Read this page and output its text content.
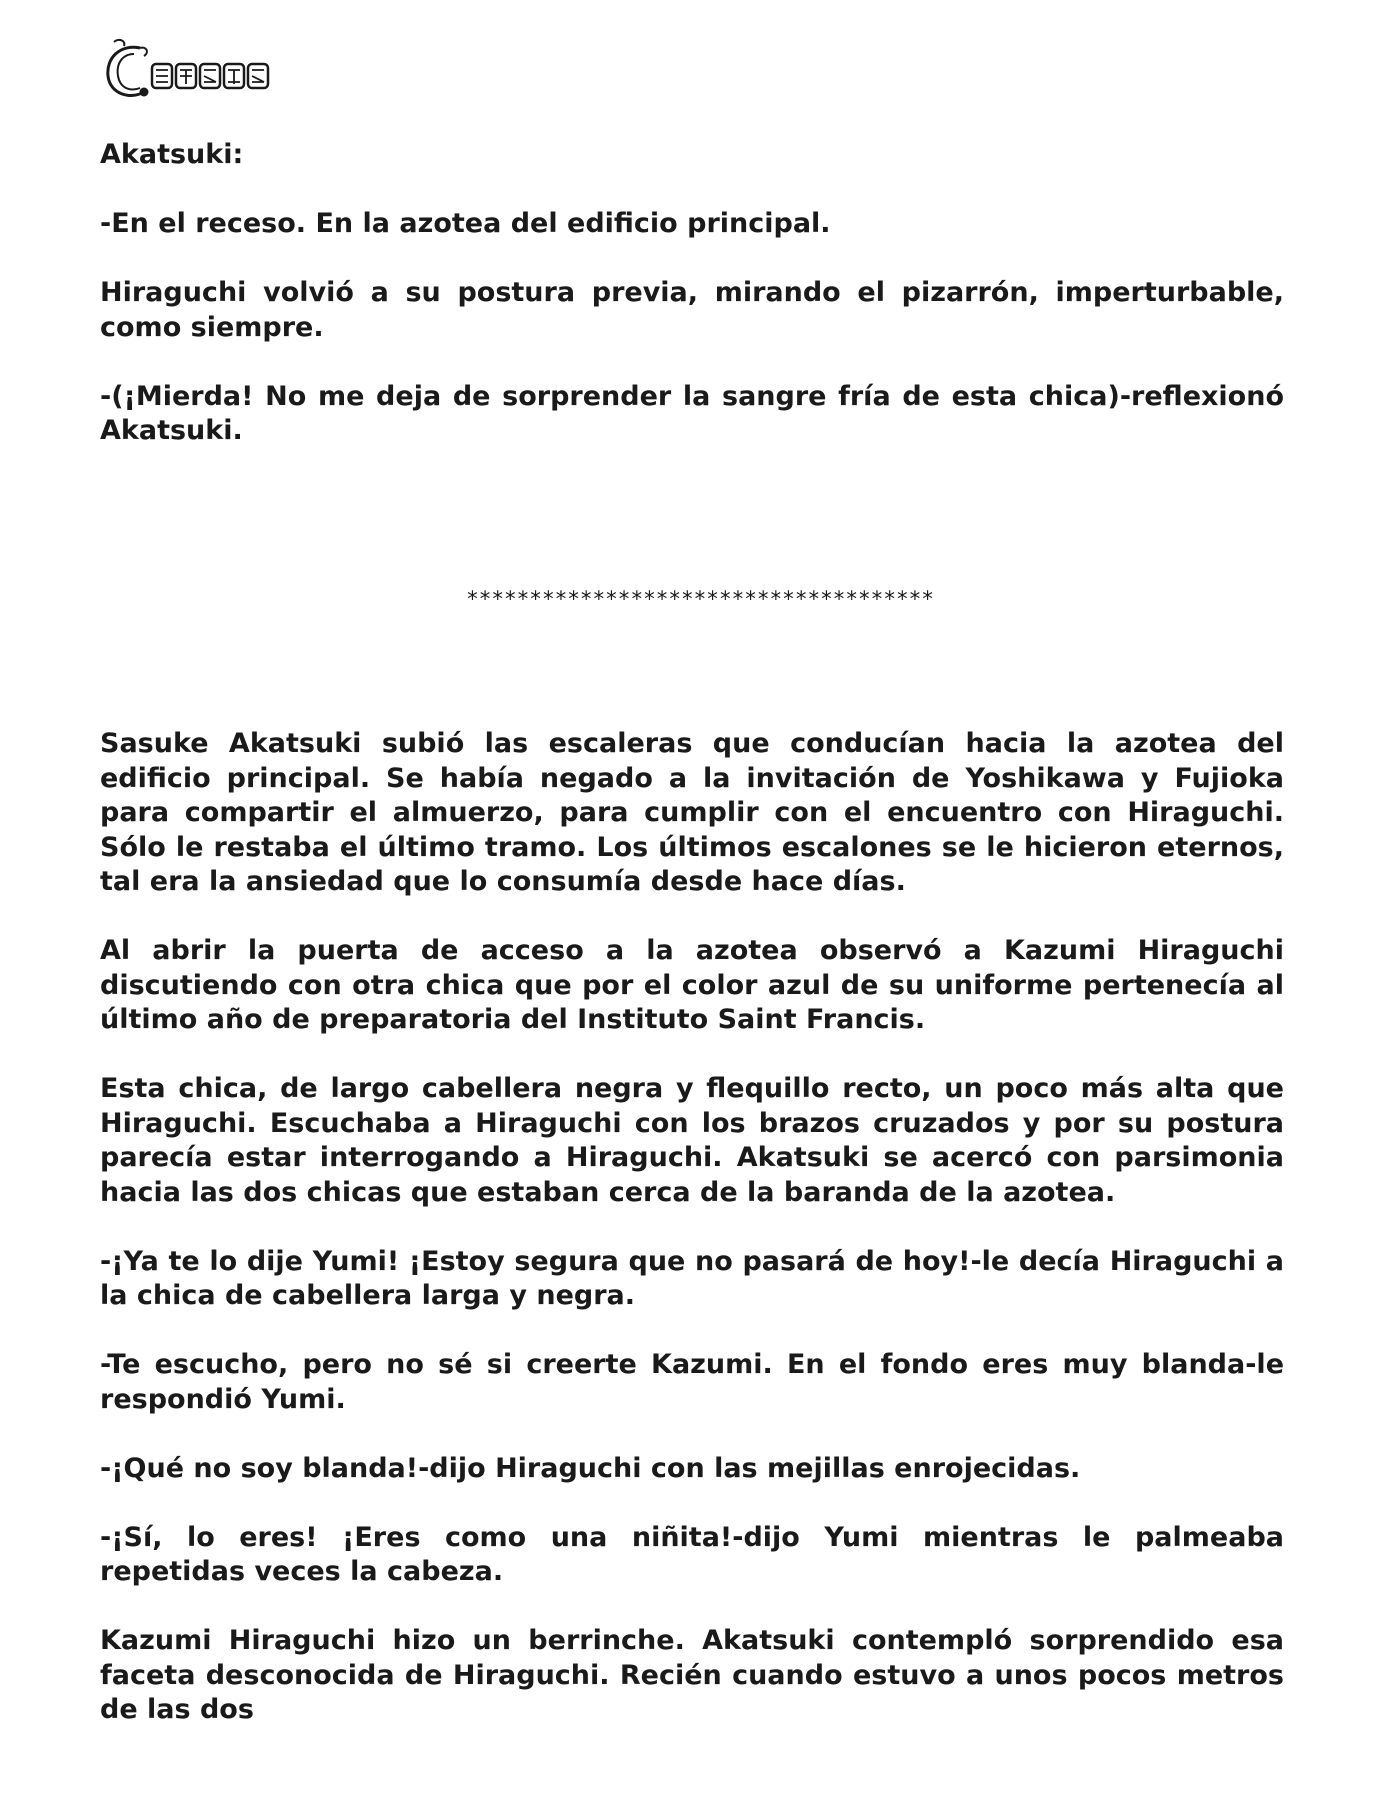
Akatsuki:

-En el receso. En la azotea del edificio principal.

Hiraguchi volvió a su postura previa, mirando el pizarrón, imperturbable, como siempre.

-(¡Mierda! No me deja de sorprender la sangre fría de esta chica)-reflexionó Akatsuki.

*************************************

Sasuke Akatsuki subió las escaleras que conducían hacia la azotea del edificio principal. Se había negado a la invitación de Yoshikawa y Fujioka para compartir el almuerzo, para cumplir con el encuentro con Hiraguchi. Sólo le restaba el último tramo. Los últimos escalones se le hicieron eternos, tal era la ansiedad que lo consumía desde hace días.

Al abrir la puerta de acceso a la azotea observó a Kazumi Hiraguchi discutiendo con otra chica que por el color azul de su uniforme pertenecía al último año de preparatoria del Instituto Saint Francis.

Esta chica, de largo cabellera negra y flequillo recto, un poco más alta que Hiraguchi. Escuchaba a Hiraguchi con los brazos cruzados y por su postura parecía estar interrogando a Hiraguchi. Akatsuki se acercó con parsimonia hacia las dos chicas que estaban cerca de la baranda de la azotea.

-¡Ya te lo dije Yumi! ¡Estoy segura que no pasará de hoy!-le decía Hiraguchi a la chica de cabellera larga y negra.

-Te escucho, pero no sé si creerte Kazumi. En el fondo eres muy blanda-le respondió Yumi.

-¡Qué no soy blanda!-dijo Hiraguchi con las mejillas enrojecidas.

-¡Sí, lo eres! ¡Eres como una niñita!-dijo Yumi mientras le palmeaba repetidas veces la cabeza.

Kazumi Hiraguchi hizo un berrinche. Akatsuki contempló sorprendido esa faceta desconocida de Hiraguchi. Recién cuando estuvo a unos pocos metros de las dos
